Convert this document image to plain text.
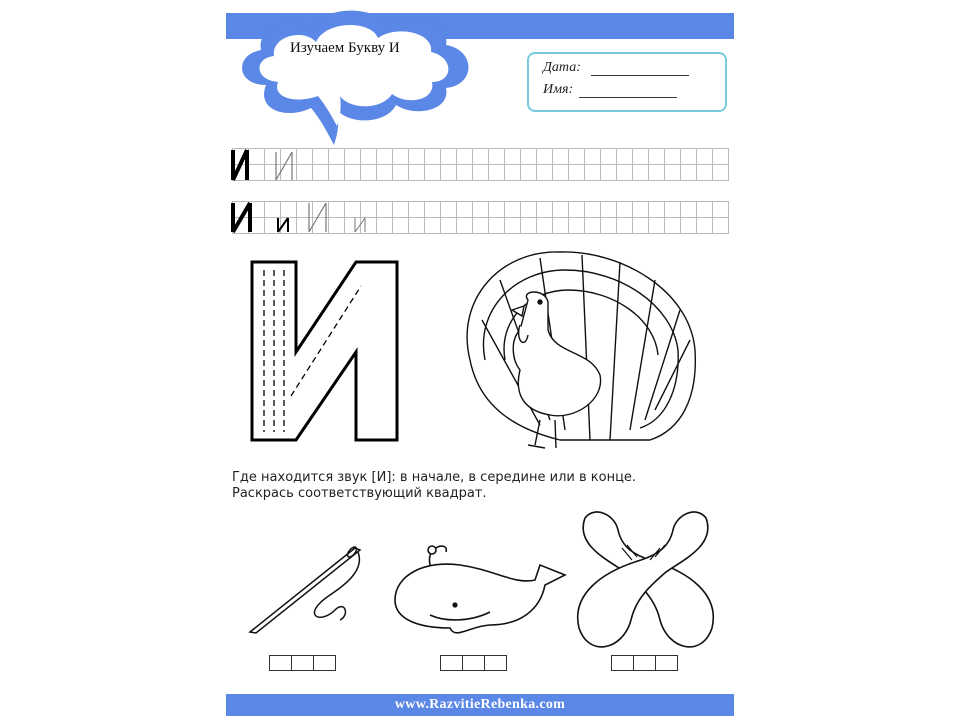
Изучаем Букву И
Дата:
Имя:
Где находится звук [И]: в начале, в середине или в конце.
Раскрась соответствующий квадрат.
www.RazvitieRebenka.com
